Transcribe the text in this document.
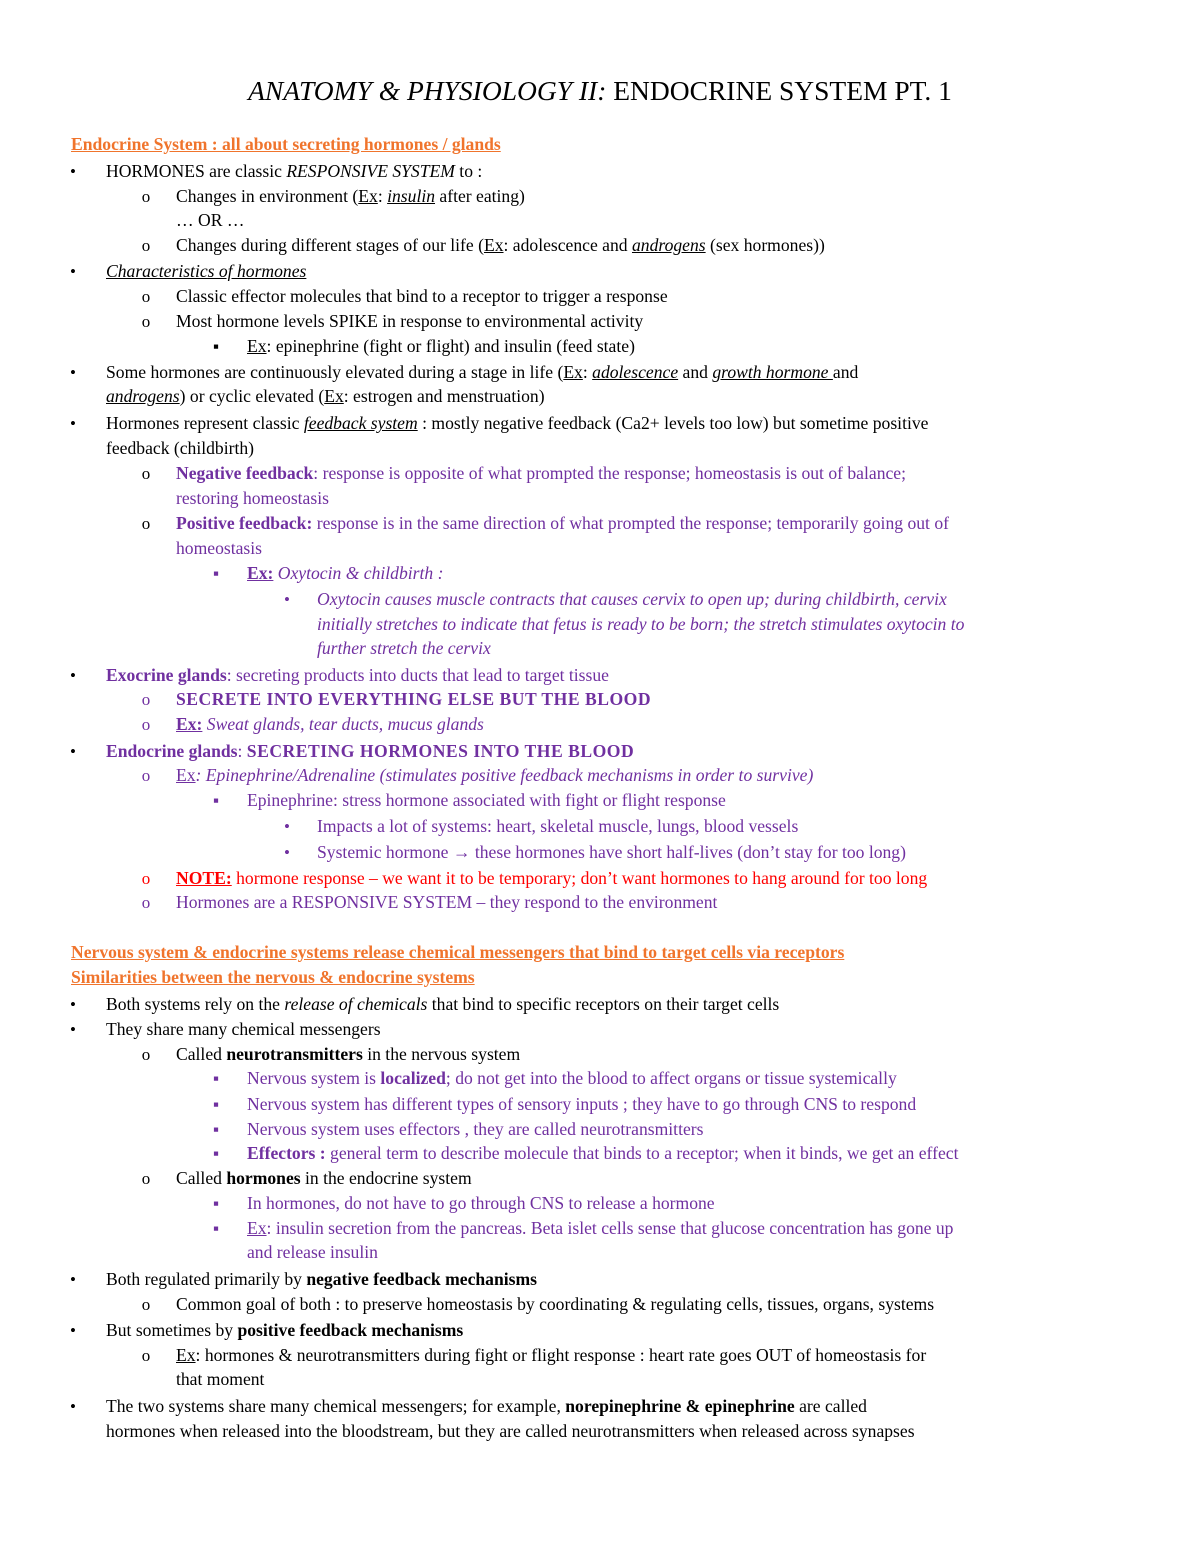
ANATOMY & PHYSIOLOGY II: ENDOCRINE SYSTEM PT. 1
Endocrine System : all about secreting hormones / glands
• HORMONES are classic RESPONSIVE SYSTEM to :
o Changes in environment (Ex: insulin after eating)
… OR …
o Changes during different stages of our life (Ex: adolescence and androgens (sex hormones))
• Characteristics of hormones
o Classic effector molecules that bind to a receptor to trigger a response
o Most hormone levels SPIKE in response to environmental activity
▪ Ex: epinephrine (fight or flight) and insulin (feed state)
• Some hormones are continuously elevated during a stage in life (Ex: adolescence and growth hormone and
androgens) or cyclic elevated (Ex: estrogen and menstruation)
• Hormones represent classic feedback system : mostly negative feedback (Ca2+ levels too low) but sometime positive
feedback (childbirth)
o Negative feedback: response is opposite of what prompted the response; homeostasis is out of balance;
restoring homeostasis
o Positive feedback: response is in the same direction of what prompted the response; temporarily going out of
homeostasis
▪ Ex: Oxytocin & childbirth :
• Oxytocin causes muscle contracts that causes cervix to open up; during childbirth, cervix
initially stretches to indicate that fetus is ready to be born; the stretch stimulates oxytocin to
further stretch the cervix
• Exocrine glands: secreting products into ducts that lead to target tissue
o SECRETE INTO EVERYTHING ELSE BUT THE BLOOD
o Ex: Sweat glands, tear ducts, mucus glands
• Endocrine glands: SECRETING HORMONES INTO THE BLOOD
o Ex: Epinephrine/Adrenaline (stimulates positive feedback mechanisms in order to survive)
▪ Epinephrine: stress hormone associated with fight or flight response
• Impacts a lot of systems: heart, skeletal muscle, lungs, blood vessels
• Systemic hormone → these hormones have short half-lives (don’t stay for too long)
o NOTE: hormone response – we want it to be temporary; don’t want hormones to hang around for too long
o Hormones are a RESPONSIVE SYSTEM – they respond to the environment
Nervous system & endocrine systems release chemical messengers that bind to target cells via receptors
Similarities between the nervous & endocrine systems
• Both systems rely on the release of chemicals that bind to specific receptors on their target cells
• They share many chemical messengers
o Called neurotransmitters in the nervous system
▪ Nervous system is localized; do not get into the blood to affect organs or tissue systemically
▪ Nervous system has different types of sensory inputs ; they have to go through CNS to respond
▪ Nervous system uses effectors , they are called neurotransmitters
▪ Effectors : general term to describe molecule that binds to a receptor; when it binds, we get an effect
o Called hormones in the endocrine system
▪ In hormones, do not have to go through CNS to release a hormone
▪ Ex: insulin secretion from the pancreas. Beta islet cells sense that glucose concentration has gone up
and release insulin
• Both regulated primarily by negative feedback mechanisms
o Common goal of both : to preserve homeostasis by coordinating & regulating cells, tissues, organs, systems
• But sometimes by positive feedback mechanisms
o Ex: hormones & neurotransmitters during fight or flight response : heart rate goes OUT of homeostasis for
that moment
• The two systems share many chemical messengers; for example, norepinephrine & epinephrine are called
hormones when released into the bloodstream, but they are called neurotransmitters when released across synapses
